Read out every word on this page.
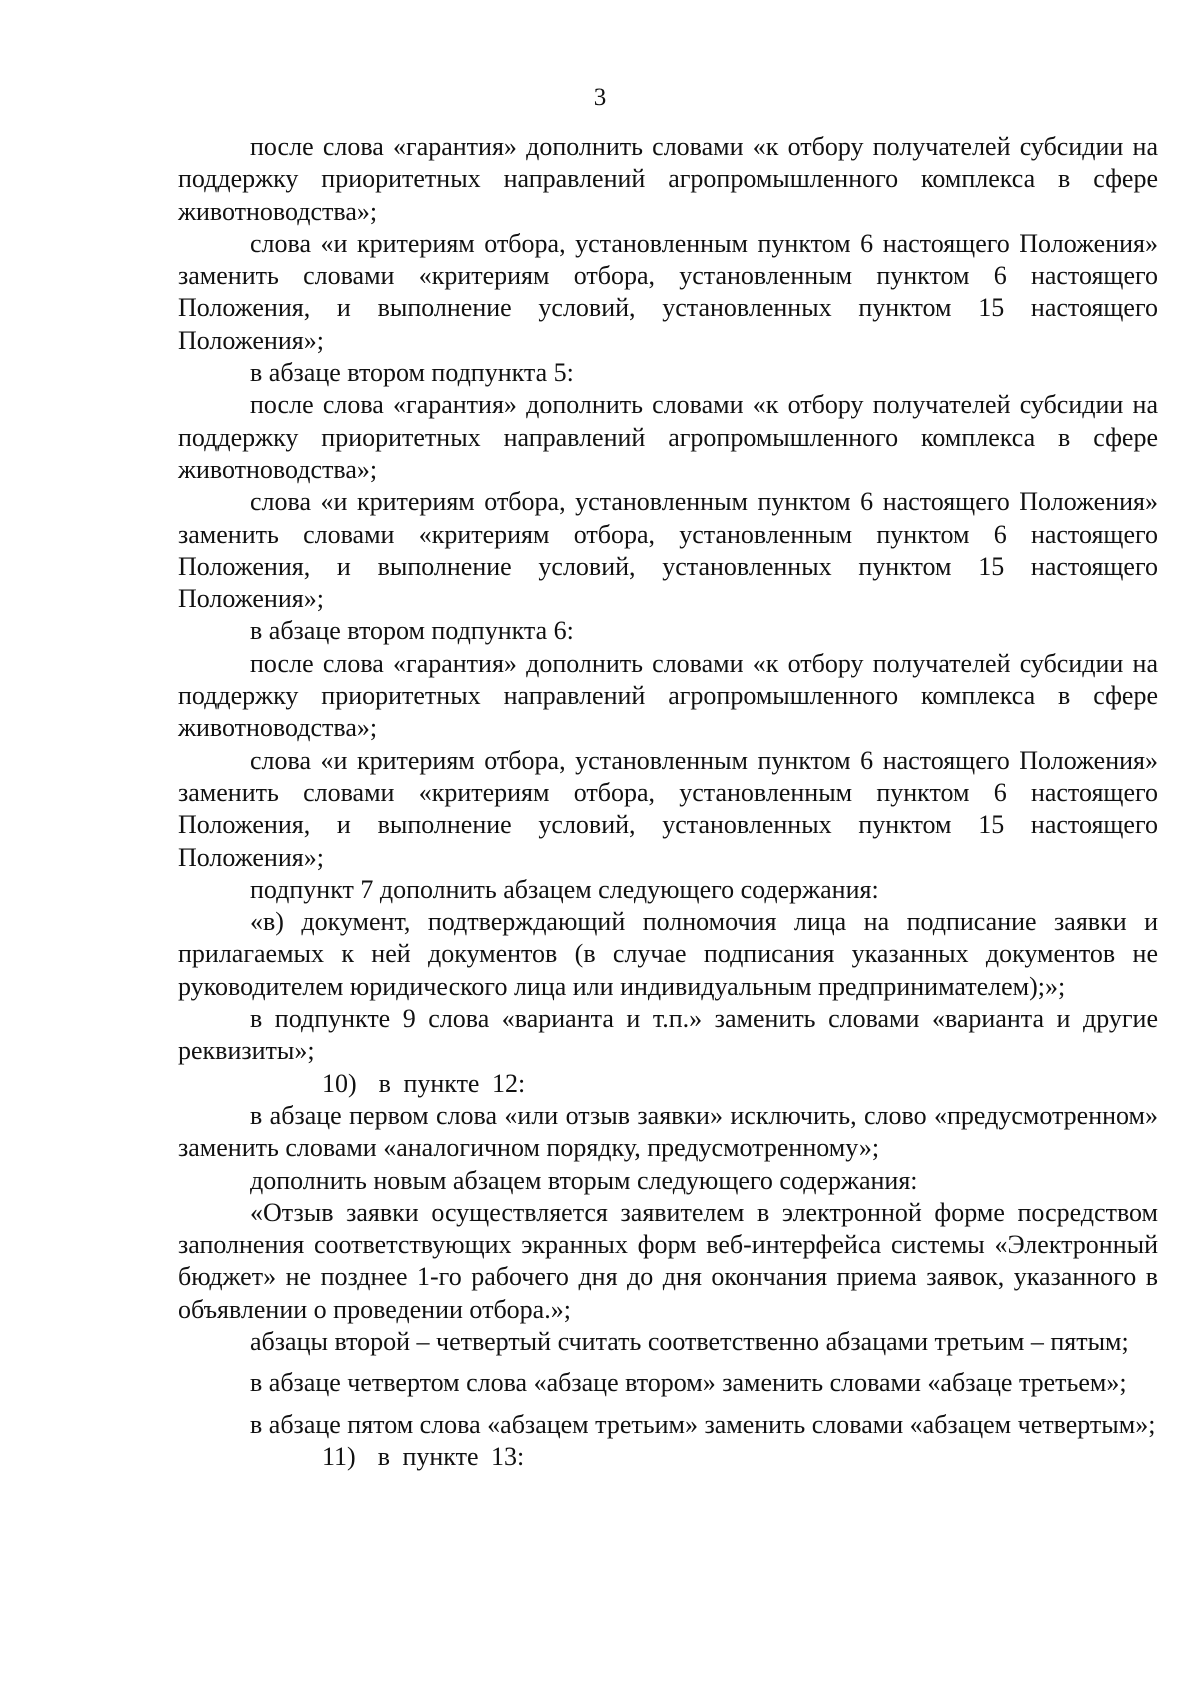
3

после слова «гарантия» дополнить словами «к отбору получателей субсидии на поддержку приоритетных направлений агропромышленного комплекса в сфере животноводства»;

слова «и критериям отбора, установленным пунктом 6 настоящего Положения» заменить словами «критериям отбора, установленным пунктом 6 настоящего Положения, и выполнение условий, установленных пунктом 15 настоящего Положения»;

в абзаце втором подпункта 5:

после слова «гарантия» дополнить словами «к отбору получателей субсидии на поддержку приоритетных направлений агропромышленного комплекса в сфере животноводства»;

слова «и критериям отбора, установленным пунктом 6 настоящего Положения» заменить словами «критериям отбора, установленным пунктом 6 настоящего Положения, и выполнение условий, установленных пунктом 15 настоящего Положения»;

в абзаце втором подпункта 6:

после слова «гарантия» дополнить словами «к отбору получателей субсидии на поддержку приоритетных направлений агропромышленного комплекса в сфере животноводства»;

слова «и критериям отбора, установленным пунктом 6 настоящего Положения» заменить словами «критериям отбора, установленным пунктом 6 настоящего Положения, и выполнение условий, установленных пунктом 15 настоящего Положения»;

подпункт 7 дополнить абзацем следующего содержания:

«в) документ, подтверждающий полномочия лица на подписание заявки и прилагаемых к ней документов (в случае подписания указанных документов не руководителем юридического лица или индивидуальным предпринимателем);»;

в подпункте 9 слова «варианта и т.п.» заменить словами «варианта и другие реквизиты»;

10) в пункте 12:

в абзаце первом слова «или отзыв заявки» исключить, слово «предусмотренном» заменить словами «аналогичном порядку, предусмотренному»;

дополнить новым абзацем вторым следующего содержания:

«Отзыв заявки осуществляется заявителем в электронной форме посредством заполнения соответствующих экранных форм веб-интерфейса системы «Электронный бюджет» не позднее 1-го рабочего дня до дня окончания приема заявок, указанного в объявлении о проведении отбора.»;

абзацы второй – четвертый считать соответственно абзацами третьим – пятым;

в абзаце четвертом слова «абзаце втором» заменить словами «абзаце третьем»;

в абзаце пятом слова «абзацем третьим» заменить словами «абзацем четвертым»;

11) в пункте 13:
